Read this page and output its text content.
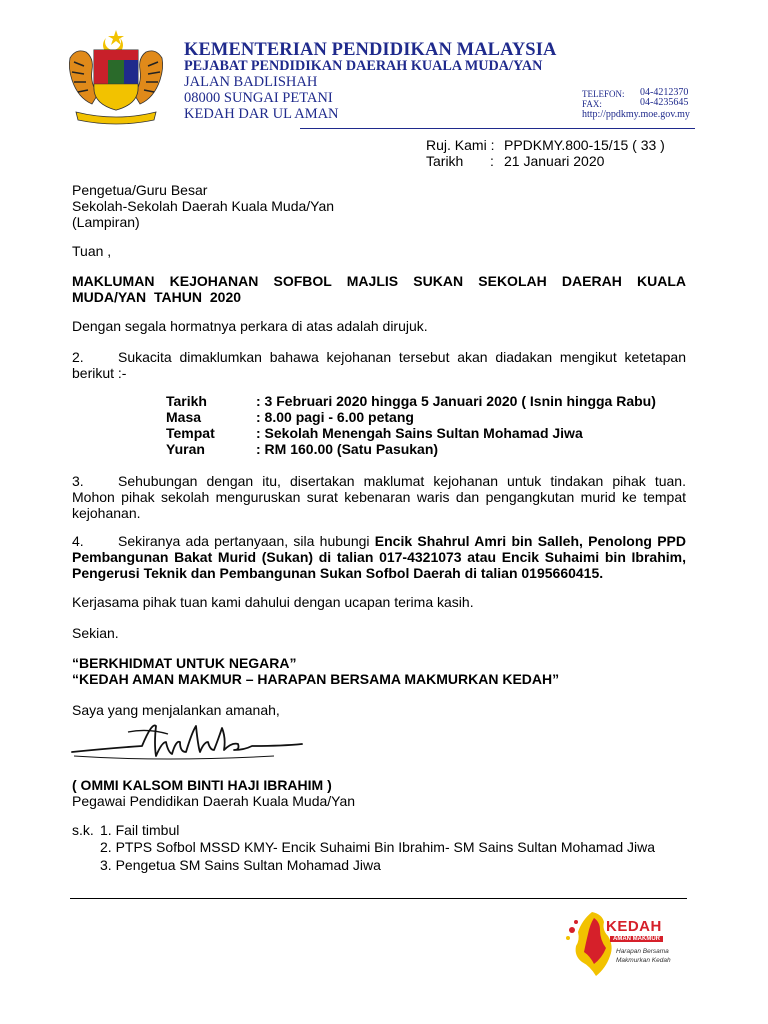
KEMENTERIAN PENDIDIKAN MALAYSIA
PEJABAT PENDIDIKAN DAERAH KUALA MUDA/YAN
JALAN BADLISHAH
08000 SUNGAI PETANI
KEDAH DAR UL AMAN
TELEFON: 04-4212370
FAX:	04-4235645
http://ppdkmy.moe.gov.my
Ruj. Kami : PPDKMY.800-15/15 ( 33 )
Tarikh : 21 Januari 2020
Pengetua/Guru Besar
Sekolah-Sekolah Daerah Kuala Muda/Yan
(Lampiran)
Tuan ,
MAKLUMAN KEJOHANAN SOFBOL MAJLIS SUKAN SEKOLAH DAERAH KUALA MUDA/YAN TAHUN 2020
Dengan segala hormatnya perkara di atas adalah dirujuk.
2.	Sukacita dimaklumkan bahawa kejohanan tersebut akan diadakan mengikut ketetapan berikut :-
Tarikh	: 3 Februari 2020 hingga 5 Januari 2020 ( Isnin hingga Rabu)
Masa	: 8.00 pagi - 6.00 petang
Tempat	: Sekolah Menengah Sains Sultan Mohamad Jiwa
Yuran	: RM 160.00 (Satu Pasukan)
3.	Sehubungan dengan itu, disertakan maklumat kejohanan untuk tindakan pihak tuan. Mohon pihak sekolah menguruskan surat kebenaran waris dan pengangkutan murid ke tempat kejohanan.
4.	Sekiranya ada pertanyaan, sila hubungi Encik Shahrul Amri bin Salleh, Penolong PPD Pembangunan Bakat Murid (Sukan) di talian 017-4321073 atau Encik Suhaimi bin Ibrahim, Pengerusi Teknik dan Pembangunan Sukan Sofbol Daerah di talian 0195660415.
Kerjasama pihak tuan kami dahului dengan ucapan terima kasih.
Sekian.
“BERKHIDMAT UNTUK NEGARA”
“KEDAH AMAN MAKMUR – HARAPAN BERSAMA MAKMURKAN KEDAH”
Saya yang menjalankan amanah,
( OMMI KALSOM BINTI HAJI IBRAHIM )
Pegawai Pendidikan Daerah Kuala Muda/Yan
s.k. 1. Fail timbul
2. PTPS Sofbol MSSD KMY- Encik Suhaimi Bin Ibrahim- SM Sains Sultan Mohamad Jiwa
3. Pengetua SM Sains Sultan Mohamad Jiwa
KEDAH
AMAN MAKMUR
Harapan Bersama
Makmurkan Kedah
